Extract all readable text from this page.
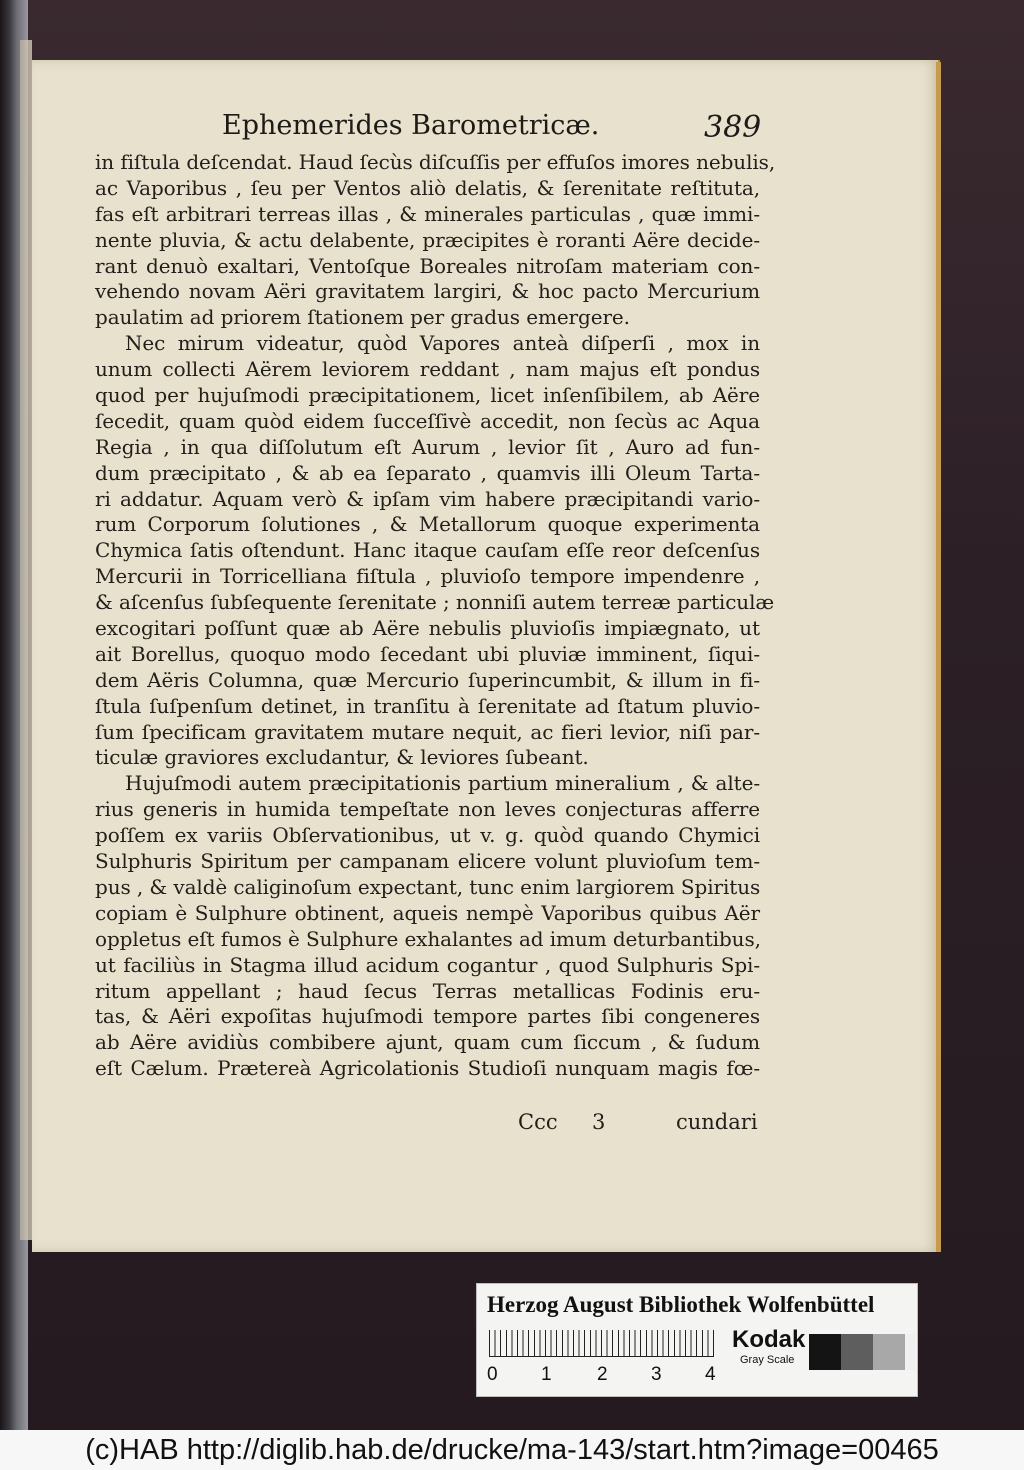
Ephemerides Barometricæ.	389
in fiſtula deſcendat. Haud ſecùs diſcuſſis per effuſos imores nebulis,
ac Vaporibus , ſeu per Ventos aliò delatis, & ſerenitate reſtituta,
fas eſt arbitrari terreas illas , & minerales particulas , quæ immi-
nente pluvia, & actu delabente, præcipites è roranti Aëre decide-
rant denuò exaltari, Ventoſque Boreales nitroſam materiam con-
vehendo novam Aëri gravitatem largiri, & hoc pacto Mercurium
paulatim ad priorem ſtationem per gradus emergere.
Nec mirum videatur, quòd Vapores anteà diſperſi , mox in
unum collecti Aërem leviorem reddant , nam majus eſt pondus
quod per hujuſmodi præcipitationem, licet inſenſibilem, ab Aëre
ſecedit, quam quòd eidem ſucceſſivè accedit, non ſecùs ac Aqua
Regia , in qua diſſolutum eſt Aurum , levior ſit , Auro ad fun-
dum præcipitato , & ab ea ſeparato , quamvis illi Oleum Tarta-
ri addatur. Aquam verò & ipſam vim habere præcipitandi vario-
rum Corporum ſolutiones , & Metallorum quoque experimenta
Chymica ſatis oſtendunt. Hanc itaque cauſam eſſe reor deſcenſus
Mercurii in Torricelliana fiſtula , pluvioſo tempore impendenre ,
& aſcenſus ſubſequente ſerenitate ; nonniſi autem terreæ particulæ
excogitari poſſunt quæ ab Aëre nebulis pluvioſis impiægnato, ut
ait Borellus, quoquo modo ſecedant ubi pluviæ imminent, ſiqui-
dem Aëris Columna, quæ Mercurio ſuperincumbit, & illum in fi-
ſtula ſuſpenſum detinet, in tranſitu à ſerenitate ad ſtatum pluvio-
ſum ſpecificam gravitatem mutare nequit, ac fieri levior, niſi par-
ticulæ graviores excludantur, & leviores ſubeant.
Hujuſmodi autem præcipitationis partium mineralium , & alte-
rius generis in humida tempeſtate non leves conjecturas afferre
poſſem ex variis Obſervationibus, ut v. g. quòd quando Chymici
Sulphuris Spiritum per campanam elicere volunt pluvioſum tem-
pus , & valdè caliginoſum expectant, tunc enim largiorem Spiritus
copiam è Sulphure obtinent, aqueis nempè Vaporibus quibus Aër
oppletus eſt fumos è Sulphure exhalantes ad imum deturbantibus,
ut faciliùs in Stagma illud acidum cogantur , quod Sulphuris Spi-
ritum appellant ; haud ſecus Terras metallicas Fodinis eru-
tas, & Aëri expoſitas hujuſmodi tempore partes ſibi congeneres
ab Aëre avidiùs combibere ajunt, quam cum ſiccum , & ſudum
eſt Cælum. Prætereà Agricolationis Studioſi nunquam magis fœ-
Ccc 3	cundari
Herzog August Bibliothek Wolfenbüttel
0 1 2 3 4
Kodak
Gray Scale
(c)HAB http://diglib.hab.de/drucke/ma-143/start.htm?image=00465
